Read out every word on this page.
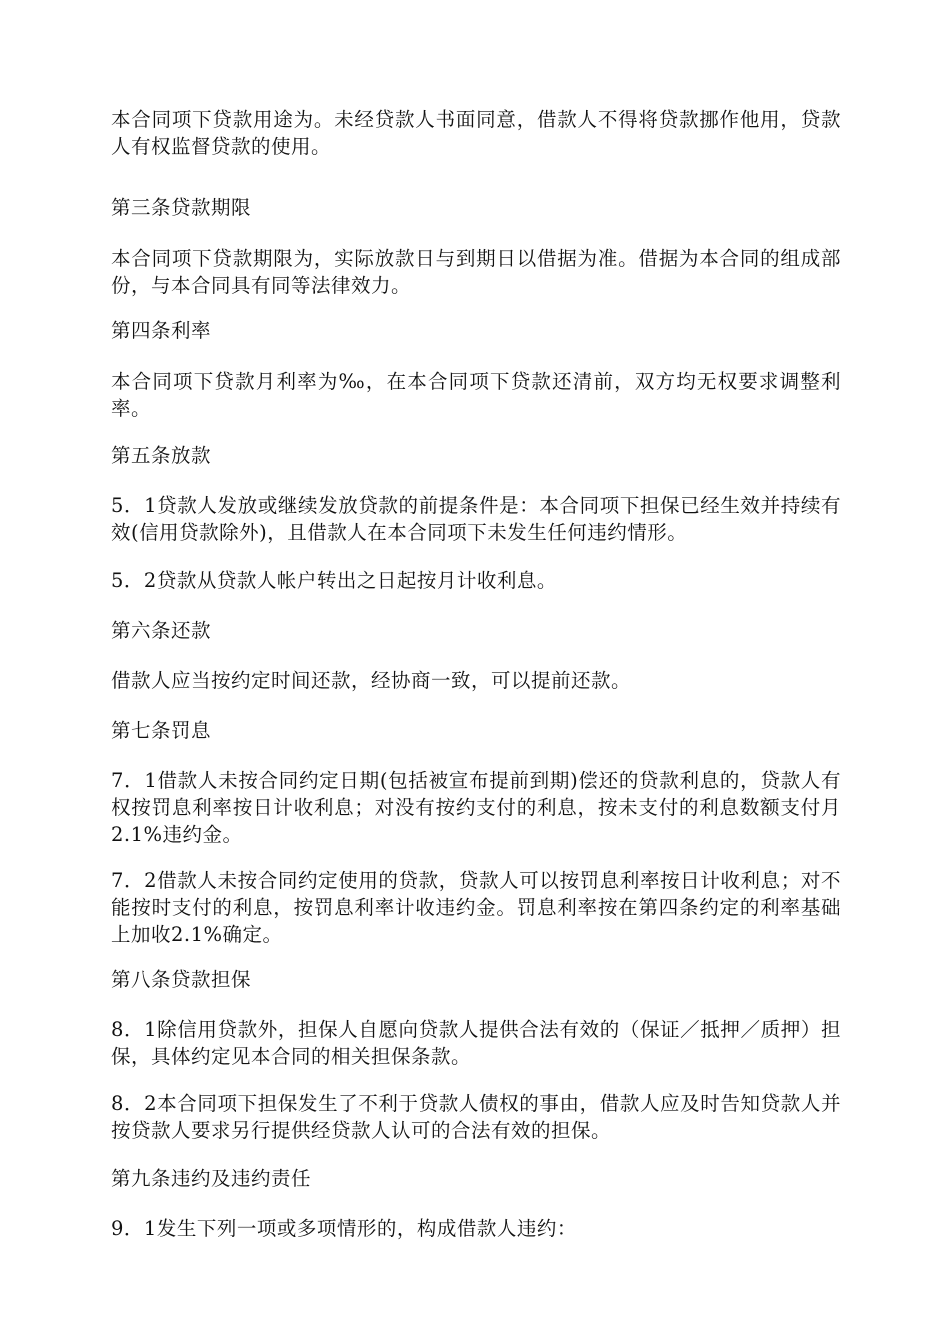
本合同项下贷款用途为。未经贷款人书面同意，借款人不得将贷款挪作他用，贷款人有权监督贷款的使用。

第三条贷款期限

本合同项下贷款期限为，实际放款日与到期日以借据为准。借据为本合同的组成部份，与本合同具有同等法律效力。

第四条利率

本合同项下贷款月利率为‰，在本合同项下贷款还清前，双方均无权要求调整利率。

第五条放款

5．1贷款人发放或继续发放贷款的前提条件是：本合同项下担保已经生效并持续有效(信用贷款除外)，且借款人在本合同项下未发生任何违约情形。

5．2贷款从贷款人帐户转出之日起按月计收利息。

第六条还款

借款人应当按约定时间还款，经协商一致，可以提前还款。

第七条罚息

7．1借款人未按合同约定日期(包括被宣布提前到期)偿还的贷款利息的，贷款人有权按罚息利率按日计收利息；对没有按约支付的利息，按未支付的利息数额支付月2.1%违约金。

7．2借款人未按合同约定使用的贷款，贷款人可以按罚息利率按日计收利息；对不能按时支付的利息，按罚息利率计收违约金。罚息利率按在第四条约定的利率基础上加收2.1%确定。

第八条贷款担保

8．1除信用贷款外，担保人自愿向贷款人提供合法有效的（保证／抵押／质押）担保，具体约定见本合同的相关担保条款。

8．2本合同项下担保发生了不利于贷款人债权的事由，借款人应及时告知贷款人并按贷款人要求另行提供经贷款人认可的合法有效的担保。

第九条违约及违约责任

9．1发生下列一项或多项情形的，构成借款人违约：
